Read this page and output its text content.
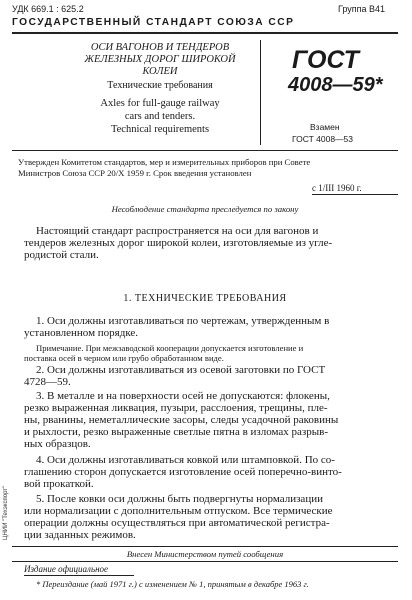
УДК 669.1 : 625.2	Группа В41
ГОСУДАРСТВЕННЫЙ СТАНДАРТ СОЮЗА ССР
ОСИ ВАГОНОВ И ТЕНДЕРОВ
ЖЕЛЕЗНЫХ ДОРОГ ШИРОКОЙ
КОЛЕИ
Технические требования
Axles for full-gauge railway
cars and tenders.
Technical requirements
ГОСТ
4008—59*
Взамен
ГОСТ 4008—53
Утвержден Комитетом стандартов, мер и измерительных приборов при Совете
Министров Союза ССР 20/X 1959 г. Срок введения установлен
с 1/III 1960 г.
Несоблюдение стандарта преследуется по закону
Настоящий стандарт распространяется на оси для вагонов и
тендеров железных дорог широкой колеи, изготовляемые из угле-
родистой стали.
1. ТЕХНИЧЕСКИЕ ТРЕБОВАНИЯ
1. Оси должны изготавливаться по чертежам, утвержденным в
установленном порядке.
Примечание. При межзаводской кооперации допускается изготовление и
поставка осей в черном или грубо обработанном виде.
2. Оси должны изготавливаться из осевой заготовки по ГОСТ
4728—59.
3. В металле и на поверхности осей не допускаются: флокены,
резко выраженная ликвация, пузыри, расслоения, трещины, пле-
ны, рванины, неметаллические засоры, следы усадочной раковины
и рыхлости, резко выраженные светлые пятна в изломах разрыв-
ных образцов.
4. Оси должны изготавливаться ковкой или штамповкой. По со-
глашению сторон допускается изготовление осей поперечно-винто-
вой прокаткой.
5. После ковки оси должны быть подвергнуты нормализации
или нормализации с дополнительным отпуском. Все термические
операции должны осуществляться при автоматической регистра-
ции заданных режимов.
Внесен Министерством путей сообщения
Издание официальное
* Переиздание (май 1971 г.) с изменением № 1, принятым в декабре 1963 г.
ЦНИИ "Техэкспорт"
